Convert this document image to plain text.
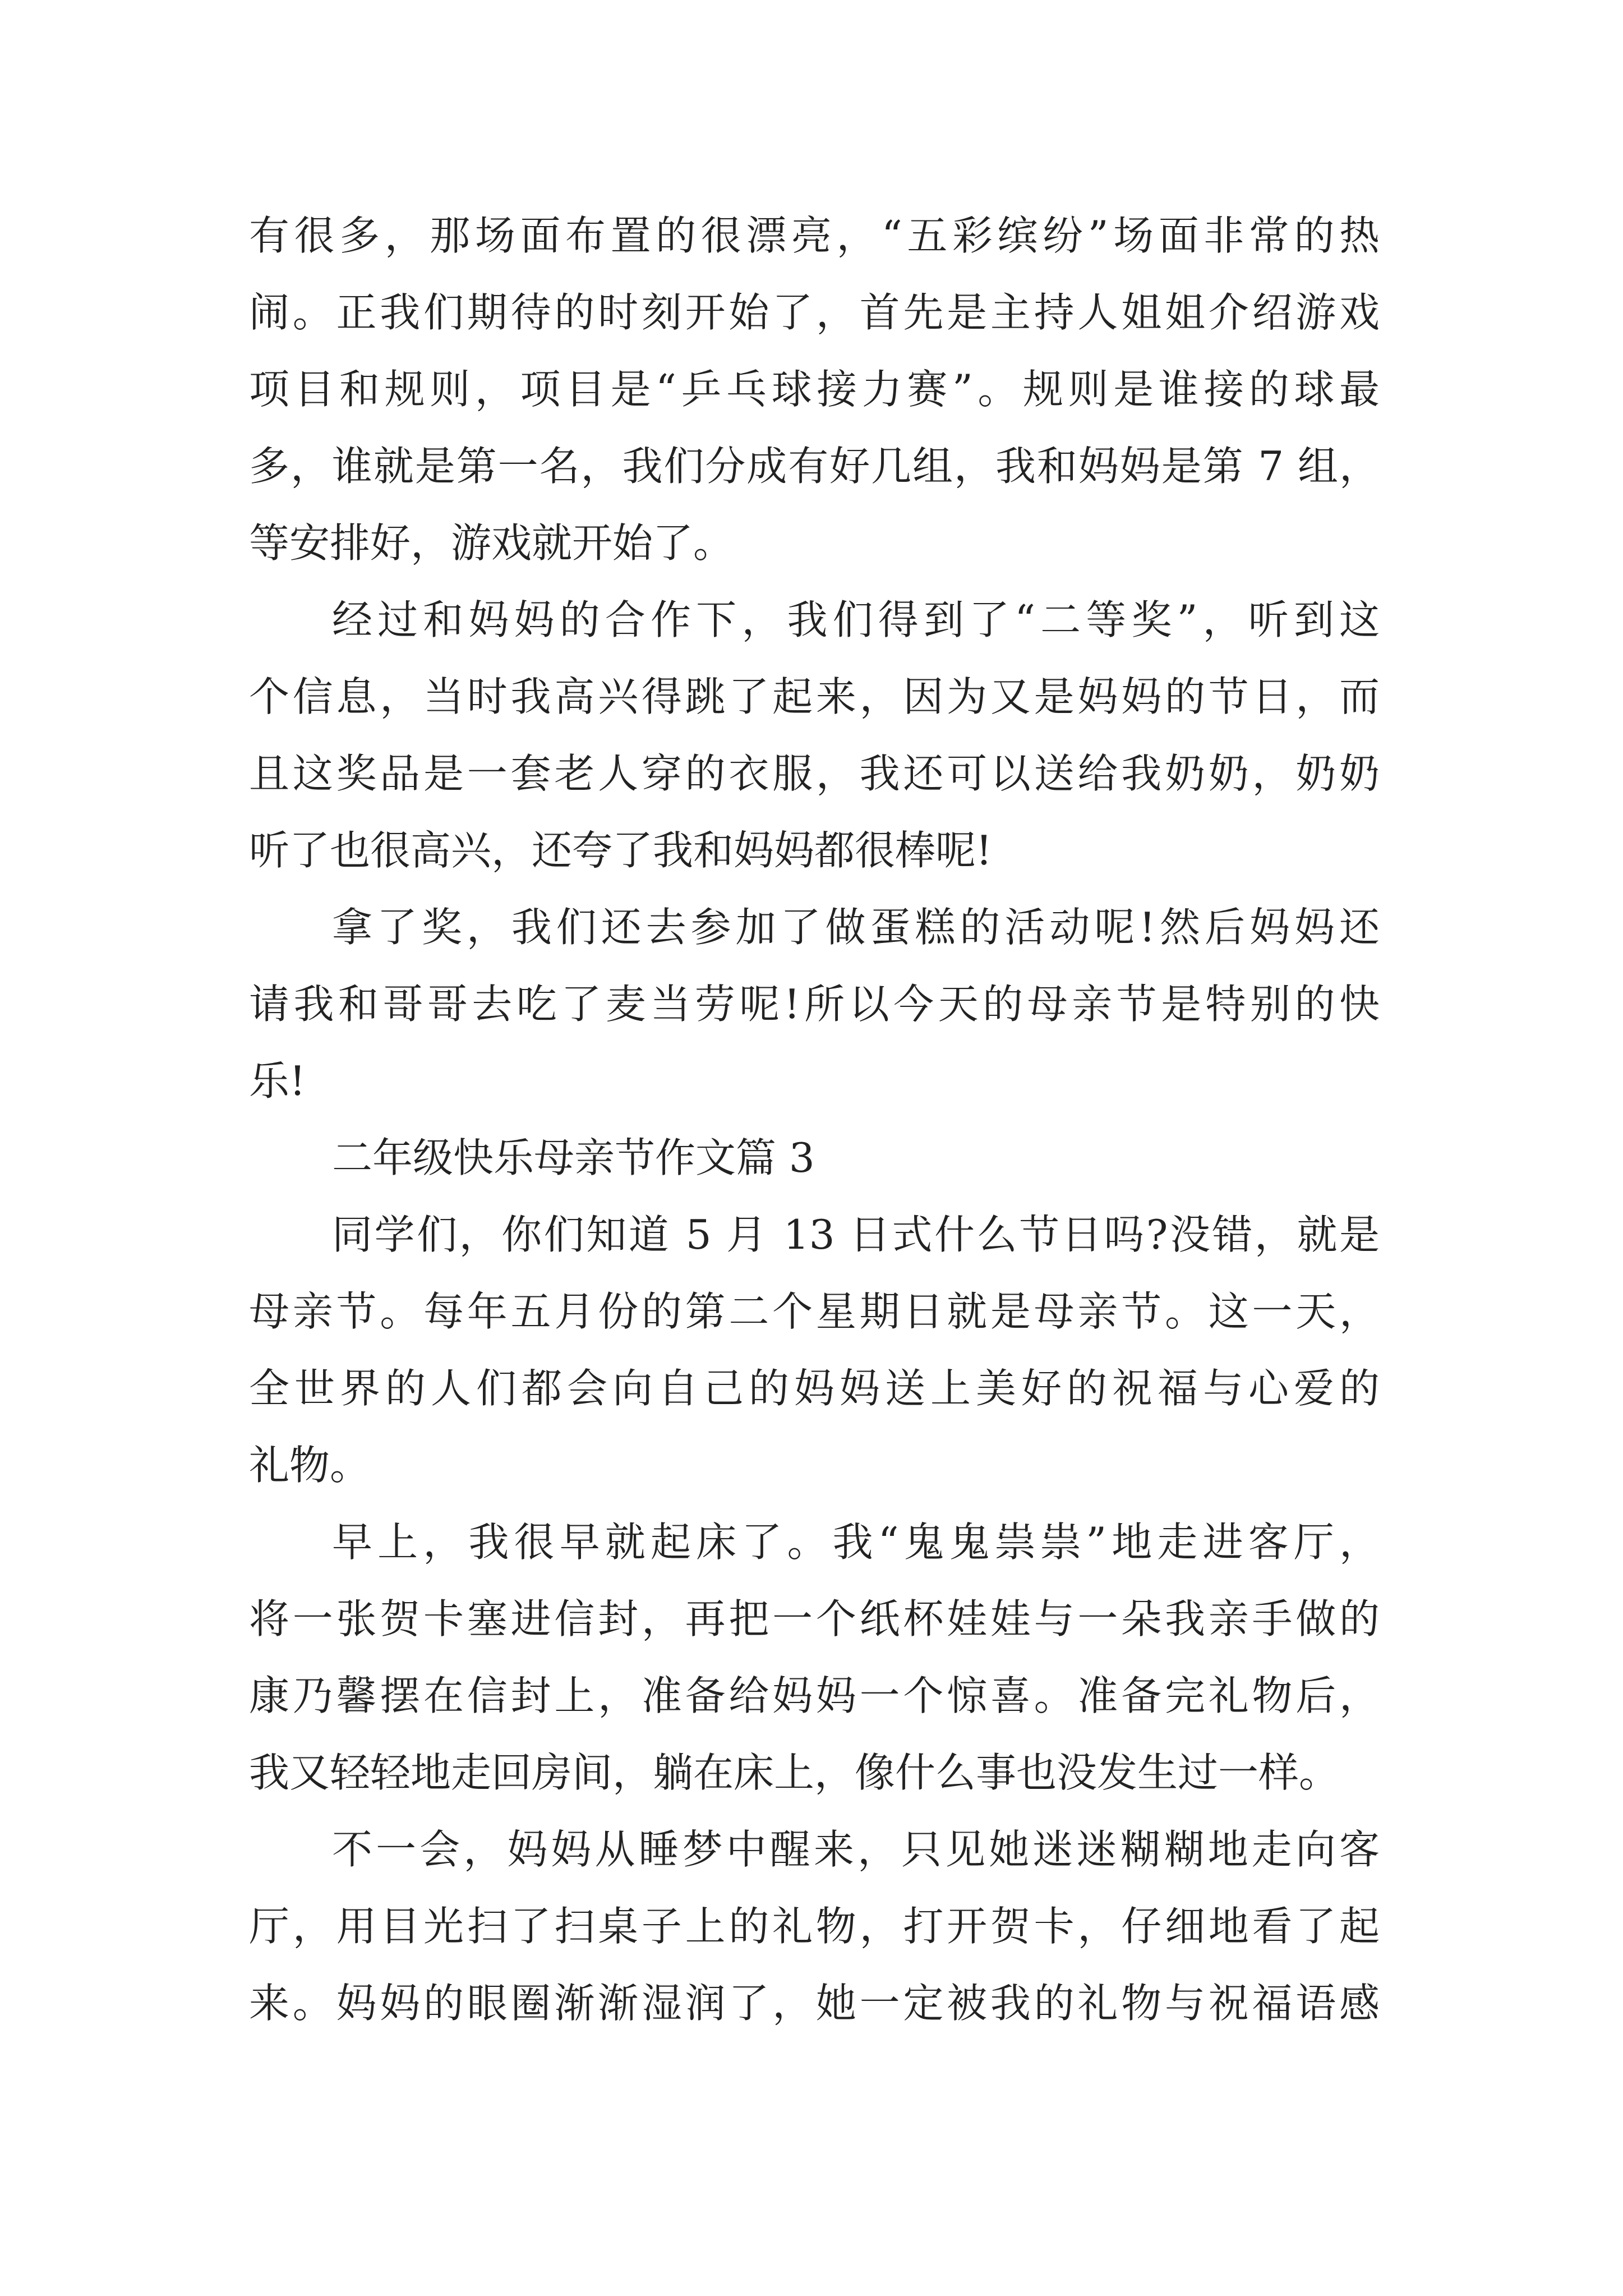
有很多，那场面布置的很漂亮，“五彩缤纷”场面非常的热
闹。正我们期待的时刻开始了，首先是主持人姐姐介绍游戏
项目和规则，项目是“乒乓球接力赛”。规则是谁接的球最
多，谁就是第一名，我们分成有好几组，我和妈妈是第 7 组，
等安排好，游戏就开始了。
经过和妈妈的合作下，我们得到了“二等奖”，听到这
个信息，当时我高兴得跳了起来，因为又是妈妈的节日，而
且这奖品是一套老人穿的衣服，我还可以送给我奶奶，奶奶
听了也很高兴，还夸了我和妈妈都很棒呢!
拿了奖，我们还去参加了做蛋糕的活动呢!然后妈妈还
请我和哥哥去吃了麦当劳呢!所以今天的母亲节是特别的快
乐!
二年级快乐母亲节作文篇 3
同学们，你们知道 5 月 13 日式什么节日吗?没错，就是
母亲节。每年五月份的第二个星期日就是母亲节。这一天，
全世界的人们都会向自己的妈妈送上美好的祝福与心爱的
礼物。
早上，我很早就起床了。我“鬼鬼祟祟”地走进客厅，
将一张贺卡塞进信封，再把一个纸杯娃娃与一朵我亲手做的
康乃馨摆在信封上，准备给妈妈一个惊喜。准备完礼物后，
我又轻轻地走回房间，躺在床上，像什么事也没发生过一样。
不一会，妈妈从睡梦中醒来，只见她迷迷糊糊地走向客
厅，用目光扫了扫桌子上的礼物，打开贺卡，仔细地看了起
来。妈妈的眼圈渐渐湿润了，她一定被我的礼物与祝福语感
